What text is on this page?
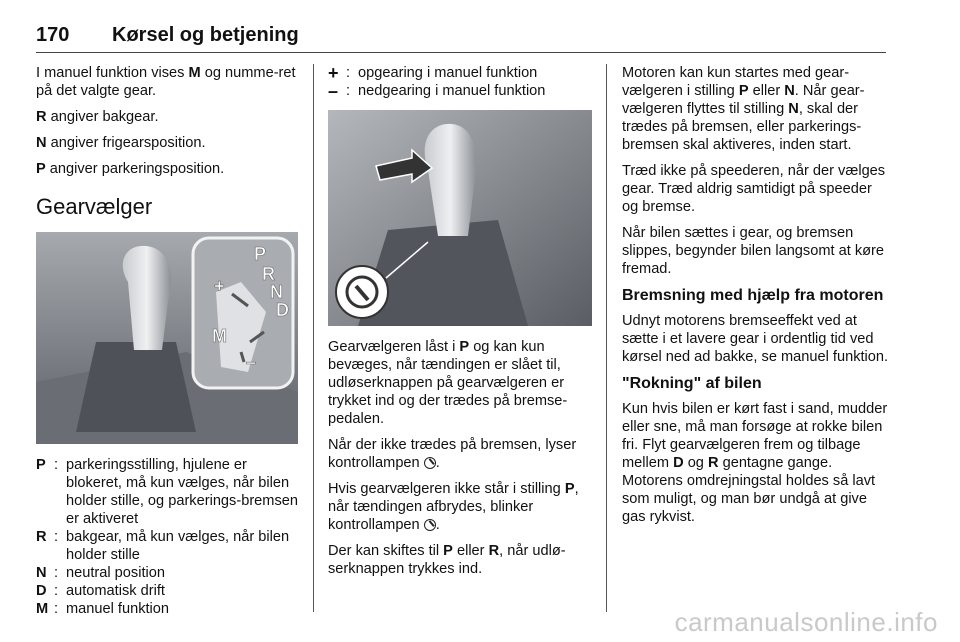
170 Kørsel og betjening

I manuel funktion vises M og numme-ret på det valgte gear.

R angiver bakgear.

N angiver frigearsposition.

P angiver parkeringsposition.

Gearvælger
P
R
N
D
M
+
–
P : parkeringsstilling, hjulene er blokeret, må kun vælges, når bilen holder stille, og parkerings-bremsen er aktiveret
R : bakgear, må kun vælges, når bilen holder stille
N : neutral position
D : automatisk drift
M : manuel funktion
+ : opgearing i manuel funktion
– : nedgearing i manuel funktion

Gearvælgeren låst i P og kan kun bevæges, når tændingen er slået til, udløserknappen på gearvælgeren er trykket ind og der trædes på bremse-pedalen.

Når der ikke trædes på bremsen, lyser kontrollampen .

Hvis gearvælgeren ikke står i stilling P, når tændingen afbrydes, blinker kontrollampen .

Der kan skiftes til P eller R, når udlø-serknappen trykkes ind.

Motoren kan kun startes med gear-vælgeren i stilling P eller N. Når gear-vælgeren flyttes til stilling N, skal der trædes på bremsen, eller parkerings-bremsen skal aktiveres, inden start.

Træd ikke på speederen, når der vælges gear. Træd aldrig samtidigt på speeder og bremse.

Når bilen sættes i gear, og bremsen slippes, begynder bilen langsomt at køre fremad.

Bremsning med hjælp fra motoren

Udnyt motorens bremseeffekt ved at sætte i et lavere gear i ordentlig tid ved kørsel ned ad bakke, se manuel funktion.

"Rokning" af bilen

Kun hvis bilen er kørt fast i sand, mudder eller sne, må man forsøge at rokke bilen fri. Flyt gearvælgeren frem og tilbage mellem D og R gentagne gange. Motorens omdrejningstal holdes så lavt som muligt, og man bør undgå at give gas rykvist.

carmanualsonline.info
